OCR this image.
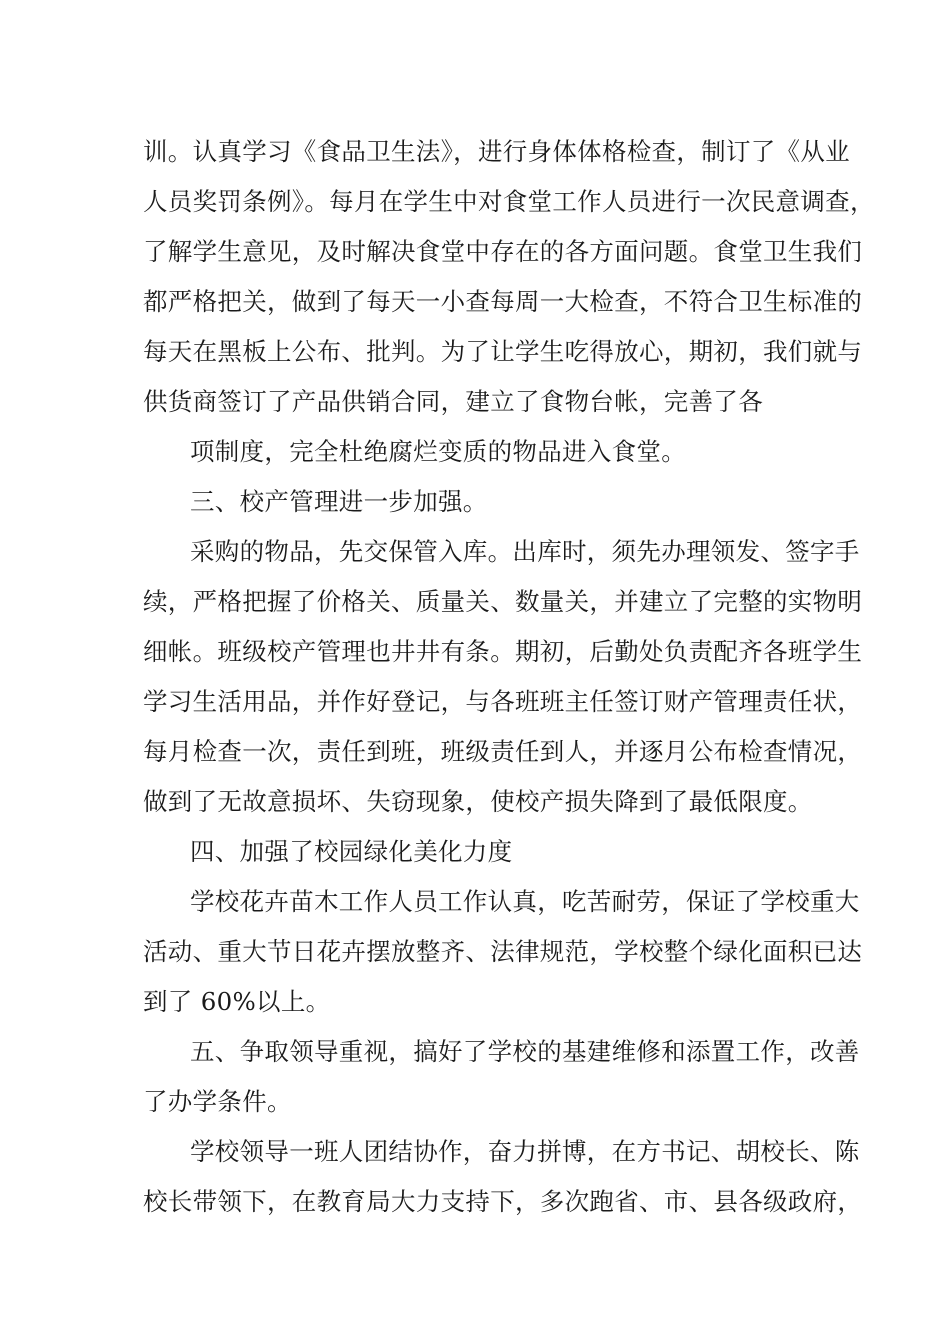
训。认真学习《食品卫生法》，进行身体体格检查，制订了《从业
人员奖罚条例》。每月在学生中对食堂工作人员进行一次民意调查，
了解学生意见，及时解决食堂中存在的各方面问题。食堂卫生我们
都严格把关，做到了每天一小查每周一大检查，不符合卫生标准的
每天在黑板上公布、批判。为了让学生吃得放心，期初，我们就与
供货商签订了产品供销合同，建立了食物台帐，完善了各
项制度，完全杜绝腐烂变质的物品进入食堂。
三、校产管理进一步加强。
采购的物品，先交保管入库。出库时，须先办理领发、签字手
续，严格把握了价格关、质量关、数量关，并建立了完整的实物明
细帐。班级校产管理也井井有条。期初，后勤处负责配齐各班学生
学习生活用品，并作好登记，与各班班主任签订财产管理责任状，
每月检查一次，责任到班，班级责任到人，并逐月公布检查情况，
做到了无故意损坏、失窃现象，使校产损失降到了最低限度。
四、加强了校园绿化美化力度
学校花卉苗木工作人员工作认真，吃苦耐劳，保证了学校重大
活动、重大节日花卉摆放整齐、法律规范，学校整个绿化面积已达
到了 60%以上。
五、争取领导重视，搞好了学校的基建维修和添置工作，改善
了办学条件。
学校领导一班人团结协作，奋力拼博，在方书记、胡校长、陈
校长带领下，在教育局大力支持下，多次跑省、市、县各级政府，
